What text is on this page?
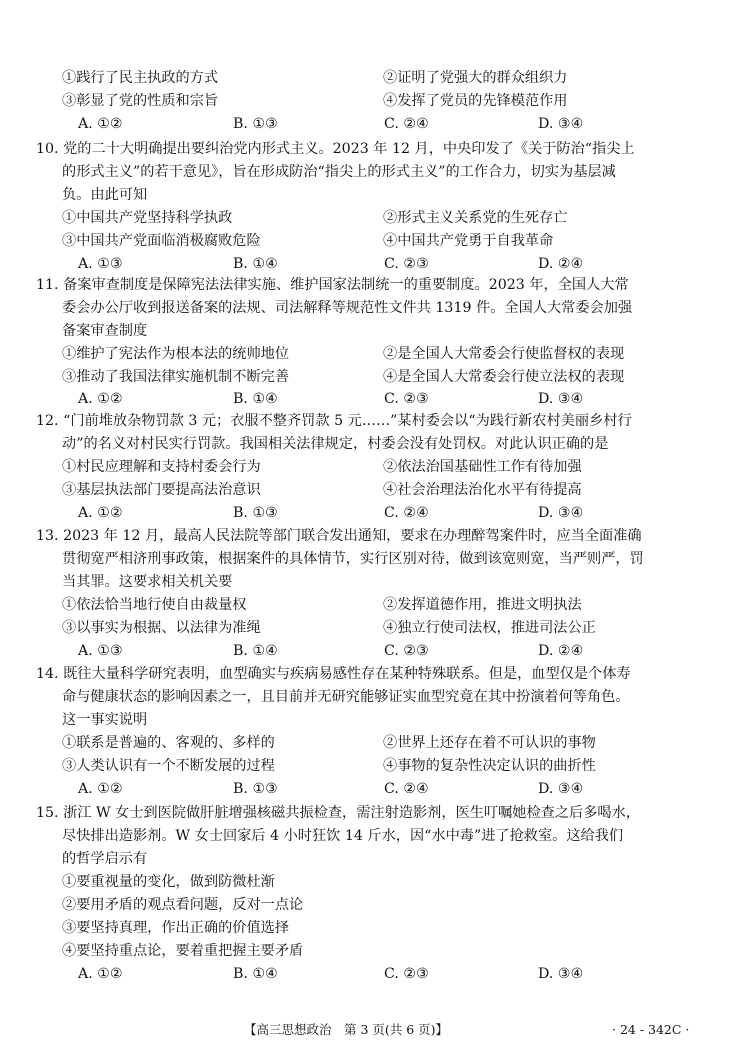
①践行了民主执政的方式	②证明了党强大的群众组织力
③彰显了党的性质和宗旨	④发挥了党员的先锋模范作用
A. ①②	B. ①③	C. ②④	D. ③④
10. 党的二十大明确提出要纠治党内形式主义。2023 年 12 月，中央印发了《关于防治“指尖上
的形式主义”的若干意见》，旨在形成防治“指尖上的形式主义”的工作合力，切实为基层减
负。由此可知
①中国共产党坚持科学执政	②形式主义关系党的生死存亡
③中国共产党面临消极腐败危险	④中国共产党勇于自我革命
A. ①③	B. ①④	C. ②③	D. ②④
11. 备案审查制度是保障宪法法律实施、维护国家法制统一的重要制度。2023 年，全国人大常
委会办公厅收到报送备案的法规、司法解释等规范性文件共 1319 件。全国人大常委会加强
备案审查制度
①维护了宪法作为根本法的统帅地位	②是全国人大常委会行使监督权的表现
③推动了我国法律实施机制不断完善	④是全国人大常委会行使立法权的表现
A. ①②	B. ①④	C. ②③	D. ③④
12. “门前堆放杂物罚款 3 元；衣服不整齐罚款 5 元……”某村委会以“为践行新农村美丽乡村行
动”的名义对村民实行罚款。我国相关法律规定，村委会没有处罚权。对此认识正确的是
①村民应理解和支持村委会行为	②依法治国基础性工作有待加强
③基层执法部门要提高法治意识	④社会治理法治化水平有待提高
A. ①②	B. ①③	C. ②④	D. ③④
13. 2023 年 12 月，最高人民法院等部门联合发出通知，要求在办理醉驾案件时，应当全面准确
贯彻宽严相济刑事政策，根据案件的具体情节，实行区别对待，做到该宽则宽，当严则严，罚
当其罪。这要求相关机关要
①依法恰当地行使自由裁量权	②发挥道德作用，推进文明执法
③以事实为根据、以法律为准绳	④独立行使司法权，推进司法公正
A. ①③	B. ①④	C. ②③	D. ②④
14. 既往大量科学研究表明，血型确实与疾病易感性存在某种特殊联系。但是，血型仅是个体寿
命与健康状态的影响因素之一，且目前并无研究能够证实血型究竟在其中扮演着何等角色。
这一事实说明
①联系是普遍的、客观的、多样的	②世界上还存在着不可认识的事物
③人类认识有一个不断发展的过程	④事物的复杂性决定认识的曲折性
A. ①②	B. ①③	C. ②④	D. ③④
15. 浙江 W 女士到医院做肝脏增强核磁共振检查，需注射造影剂，医生叮嘱她检查之后多喝水，
尽快排出造影剂。W 女士回家后 4 小时狂饮 14 斤水，因“水中毒”进了抢救室。这给我们
的哲学启示有
①要重视量的变化，做到防微杜渐
②要用矛盾的观点看问题，反对一点论
③要坚持真理，作出正确的价值选择
④要坚持重点论，要着重把握主要矛盾
A. ①②	B. ①④	C. ②③	D. ③④
【高三思想政治　第 3 页(共 6 页)】	· 24 - 342C ·
